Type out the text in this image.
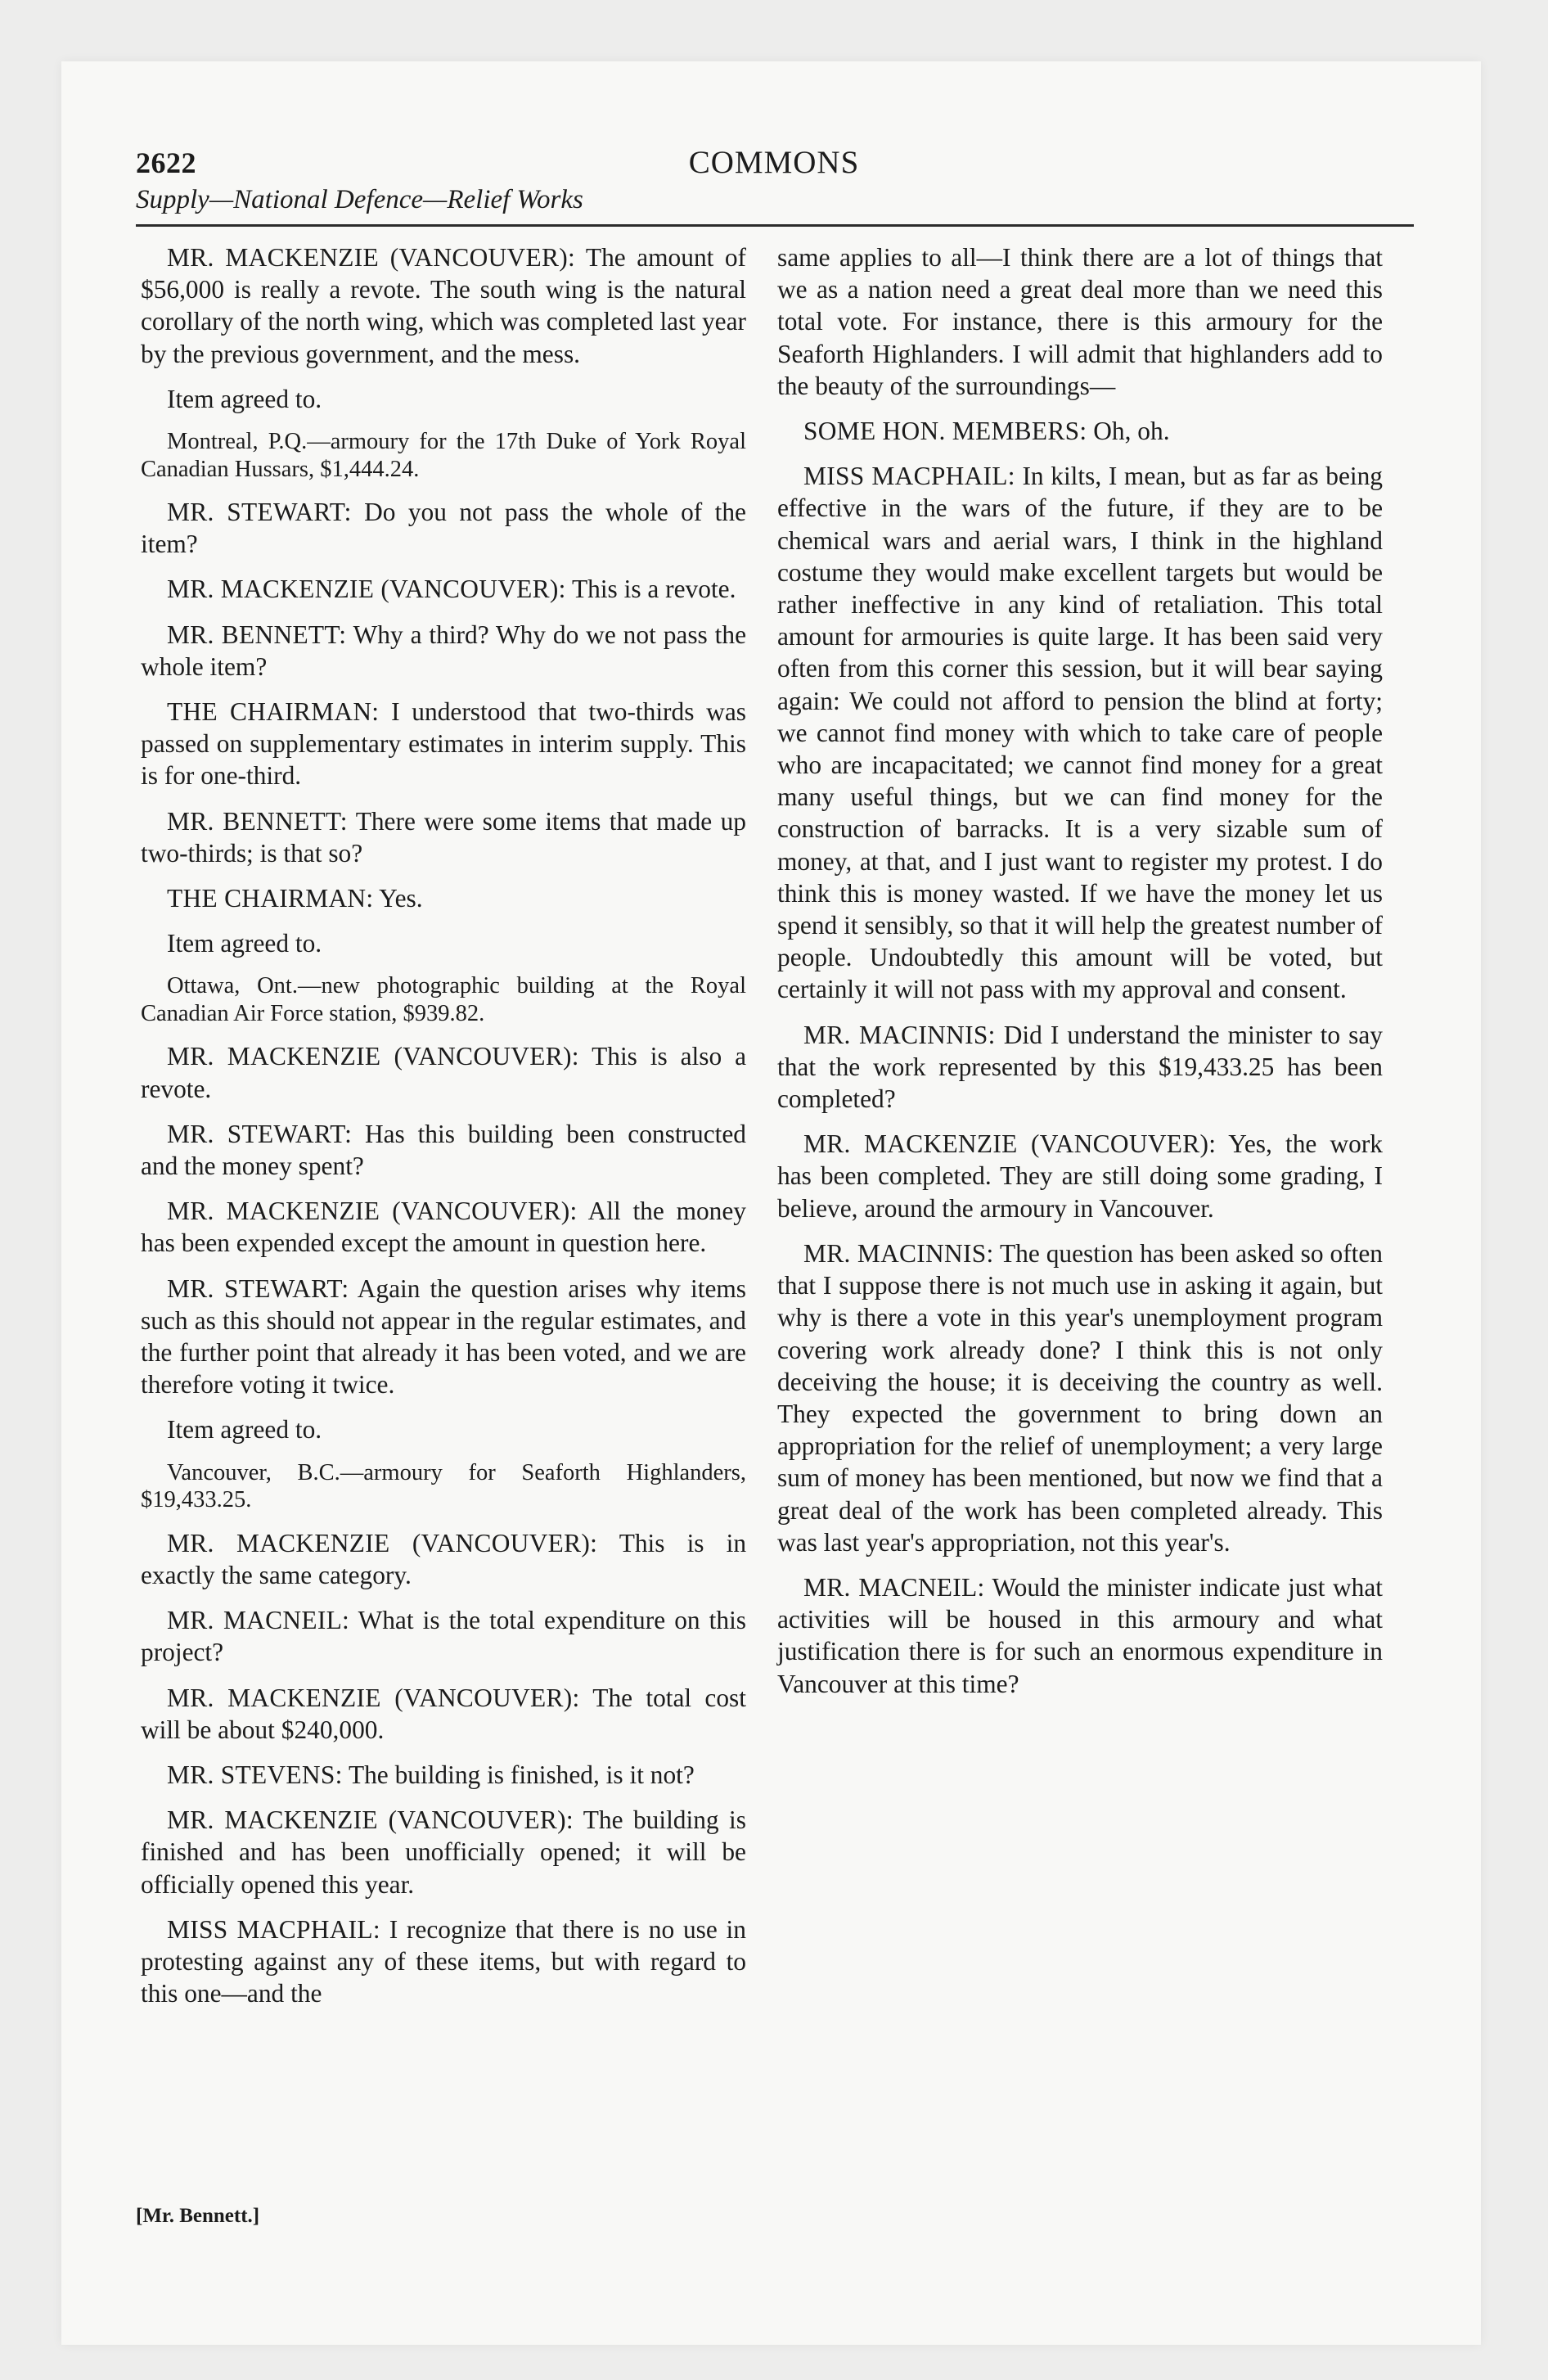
2622	COMMONS
Supply—National Defence—Relief Works

MR. MACKENZIE (VANCOUVER): The amount of $56,000 is really a revote. The south wing is the natural corollary of the north wing, which was completed last year by the previous government, and the mess.

Item agreed to.

Montreal, P.Q.—armoury for the 17th Duke of York Royal Canadian Hussars, $1,444.24.

MR. STEWART: Do you not pass the whole of the item?

MR. MACKENZIE (VANCOUVER): This is a revote.

MR. BENNETT: Why a third? Why do we not pass the whole item?

THE CHAIRMAN: I understood that two-thirds was passed on supplementary estimates in interim supply. This is for one-third.

MR. BENNETT: There were some items that made up two-thirds; is that so?

THE CHAIRMAN: Yes.

Item agreed to.

Ottawa, Ont.—new photographic building at the Royal Canadian Air Force station, $939.82.

MR. MACKENZIE (VANCOUVER): This is also a revote.

MR. STEWART: Has this building been constructed and the money spent?

MR. MACKENZIE (VANCOUVER): All the money has been expended except the amount in question here.

MR. STEWART: Again the question arises why items such as this should not appear in the regular estimates, and the further point that already it has been voted, and we are therefore voting it twice.

Item agreed to.

Vancouver, B.C.—armoury for Seaforth Highlanders, $19,433.25.

MR. MACKENZIE (VANCOUVER): This is in exactly the same category.

MR. MACNEIL: What is the total expenditure on this project?

MR. MACKENZIE (VANCOUVER): The total cost will be about $240,000.

MR. STEVENS: The building is finished, is it not?

MR. MACKENZIE (VANCOUVER): The building is finished and has been unofficially opened; it will be officially opened this year.

MISS MACPHAIL: I recognize that there is no use in protesting against any of these items, but with regard to this one—and the

same applies to all—I think there are a lot of things that we as a nation need a great deal more than we need this total vote. For instance, there is this armoury for the Seaforth Highlanders. I will admit that highlanders add to the beauty of the surroundings—

SOME HON. MEMBERS: Oh, oh.

MISS MACPHAIL: In kilts, I mean, but as far as being effective in the wars of the future, if they are to be chemical wars and aerial wars, I think in the highland costume they would make excellent targets but would be rather ineffective in any kind of retaliation. This total amount for armouries is quite large. It has been said very often from this corner this session, but it will bear saying again: We could not afford to pension the blind at forty; we cannot find money with which to take care of people who are incapacitated; we cannot find money for a great many useful things, but we can find money for the construction of barracks. It is a very sizable sum of money, at that, and I just want to register my protest. I do think this is money wasted. If we have the money let us spend it sensibly, so that it will help the greatest number of people. Undoubtedly this amount will be voted, but certainly it will not pass with my approval and consent.

MR. MACINNIS: Did I understand the minister to say that the work represented by this $19,433.25 has been completed?

MR. MACKENZIE (VANCOUVER): Yes, the work has been completed. They are still doing some grading, I believe, around the armoury in Vancouver.

MR. MACINNIS: The question has been asked so often that I suppose there is not much use in asking it again, but why is there a vote in this year's unemployment program covering work already done? I think this is not only deceiving the house; it is deceiving the country as well. They expected the government to bring down an appropriation for the relief of unemployment; a very large sum of money has been mentioned, but now we find that a great deal of the work has been completed already. This was last year's appropriation, not this year's.

MR. MACNEIL: Would the minister indicate just what activities will be housed in this armoury and what justification there is for such an enormous expenditure in Vancouver at this time?

[Mr. Bennett.]
